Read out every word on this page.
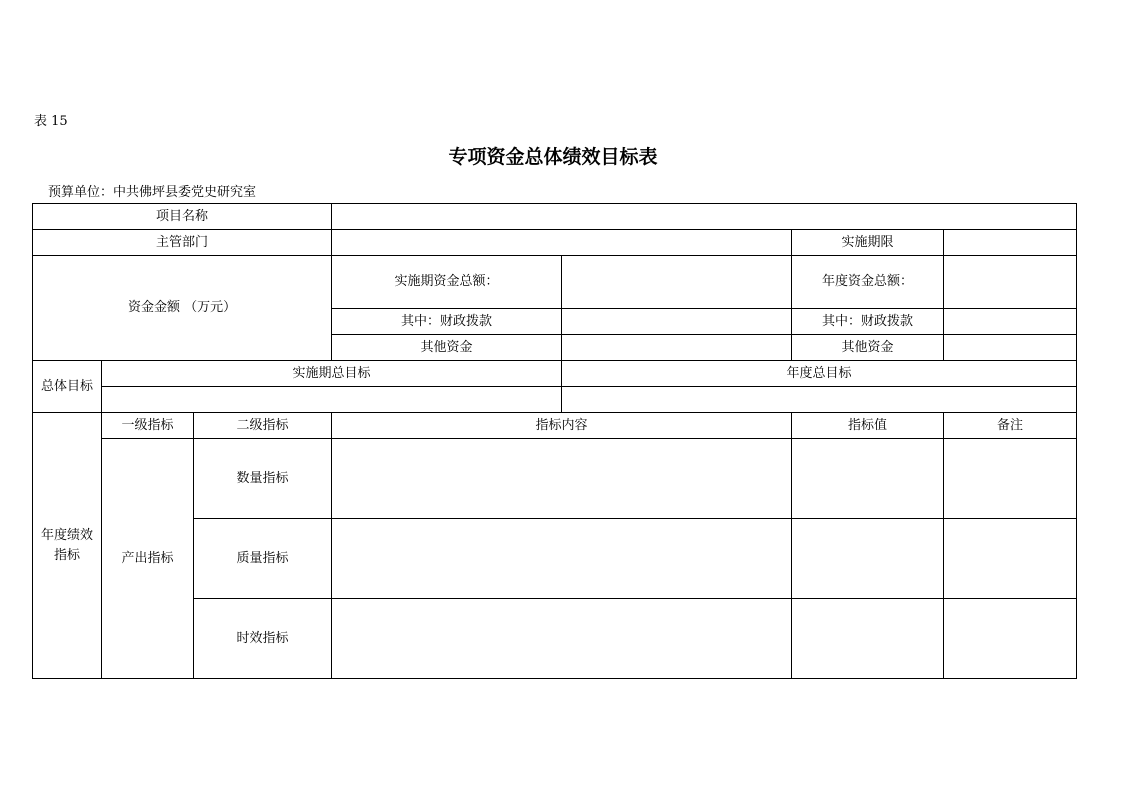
表 15
专项资金总体绩效目标表
预算单位：中共佛坪县委党史研究室
项目名称						
主管部门					实施期限	
资金金额 （万元）			实施期资金总额：		年度资金总额：	
			其中：财政拨款		其中：财政拨款	
			其他资金		其他资金	
总体目标	实施期总目标			年度总目标		

年度绩效指标	一级指标	二级指标	指标内容		指标值	备注
	产出指标	数量指标				
		质量指标				
		时效指标				
